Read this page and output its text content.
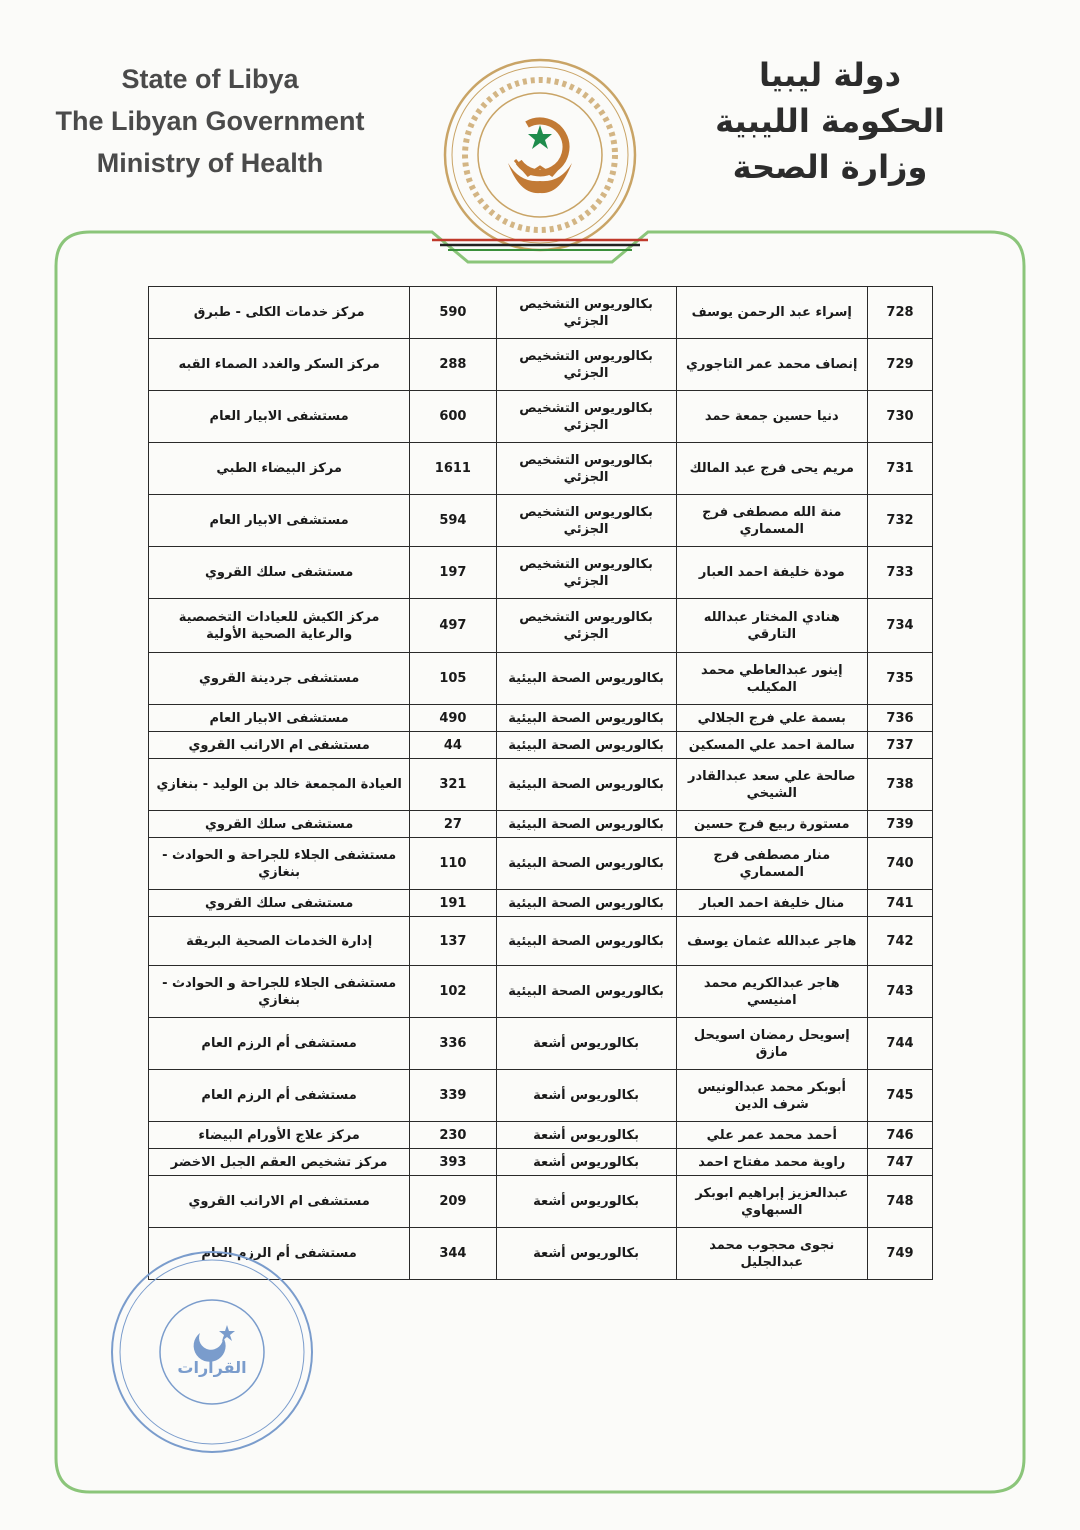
State of Libya
The Libyan Government
Ministry of Health
دولة ليبيا
الحكومة الليبية
وزارة الصحة
728	إسراء عبد الرحمن يوسف	بكالوريوس التشخيص الجزئي	590	مركز خدمات الكلى - طبرق
729	إنصاف محمد عمر التاجوري	بكالوريوس التشخيص الجزئي	288	مركز السكر والغدد الصماء القبه
730	دنيا حسين جمعة حمد	بكالوريوس التشخيص الجزئي	600	مستشفى الابيار العام
731	مريم يحى فرج عبد المالك	بكالوريوس التشخيص الجزئي	1611	مركز البيضاء الطبي
732	منة الله مصطفى فرج المسماري	بكالوريوس التشخيص الجزئي	594	مستشفى الابيار العام
733	مودة خليفة احمد العبار	بكالوريوس التشخيص الجزئي	197	مستشفى سلك القروي
734	هنادي المختار عبدالله التارقي	بكالوريوس التشخيص الجزئي	497	مركز الكيش للعيادات التخصصية والرعاية الصحية الأولية
735	إينور عبدالعاطي محمد المكيلب	بكالوريوس الصحة البيئية	105	مستشفى جردينة القروي
736	بسمة علي فرج الجلالي	بكالوريوس الصحة البيئية	490	مستشفى الابيار العام
737	سالمة احمد علي المسكين	بكالوريوس الصحة البيئية	44	مستشفى ام الارانب القروي
738	صالحة علي سعد عبدالقادر الشيخي	بكالوريوس الصحة البيئية	321	العيادة المجمعة خالد بن الوليد - بنغازي
739	مستورة ربيع فرج حسين	بكالوريوس الصحة البيئية	27	مستشفى سلك القروي
740	منار مصطفى فرج المسماري	بكالوريوس الصحة البيئية	110	مستشفى الجلاء للجراحة و الحوادث - بنغازي
741	منال خليفة احمد العبار	بكالوريوس الصحة البيئية	191	مستشفى سلك القروي
742	هاجر عبدالله عثمان يوسف	بكالوريوس الصحة البيئية	137	إدارة الخدمات الصحية البريقة
743	هاجر عبدالكريم محمد امنيسي	بكالوريوس الصحة البيئية	102	مستشفى الجلاء للجراحة و الحوادث - بنغازي
744	إسويحل رمضان اسويحل مازق	بكالوريوس أشعة	336	مستشفى أم الرزم العام
745	أبوبكر محمد عبدالونيس شرف الدين	بكالوريوس أشعة	339	مستشفى أم الرزم العام
746	أحمد محمد عمر علي	بكالوريوس أشعة	230	مركز علاج الأورام البيضاء
747	راوية محمد مفتاح احمد	بكالوريوس أشعة	393	مركز تشخيص العقم الجبل الاخضر
748	عبدالعزيز إبراهيم ابوبكر السبهاوي	بكالوريوس أشعة	209	مستشفى ام الارانب القروي
749	نجوى محجوب محمد عبدالجليل	بكالوريوس أشعة	344	مستشفى أم الرزم العام
القرارات
